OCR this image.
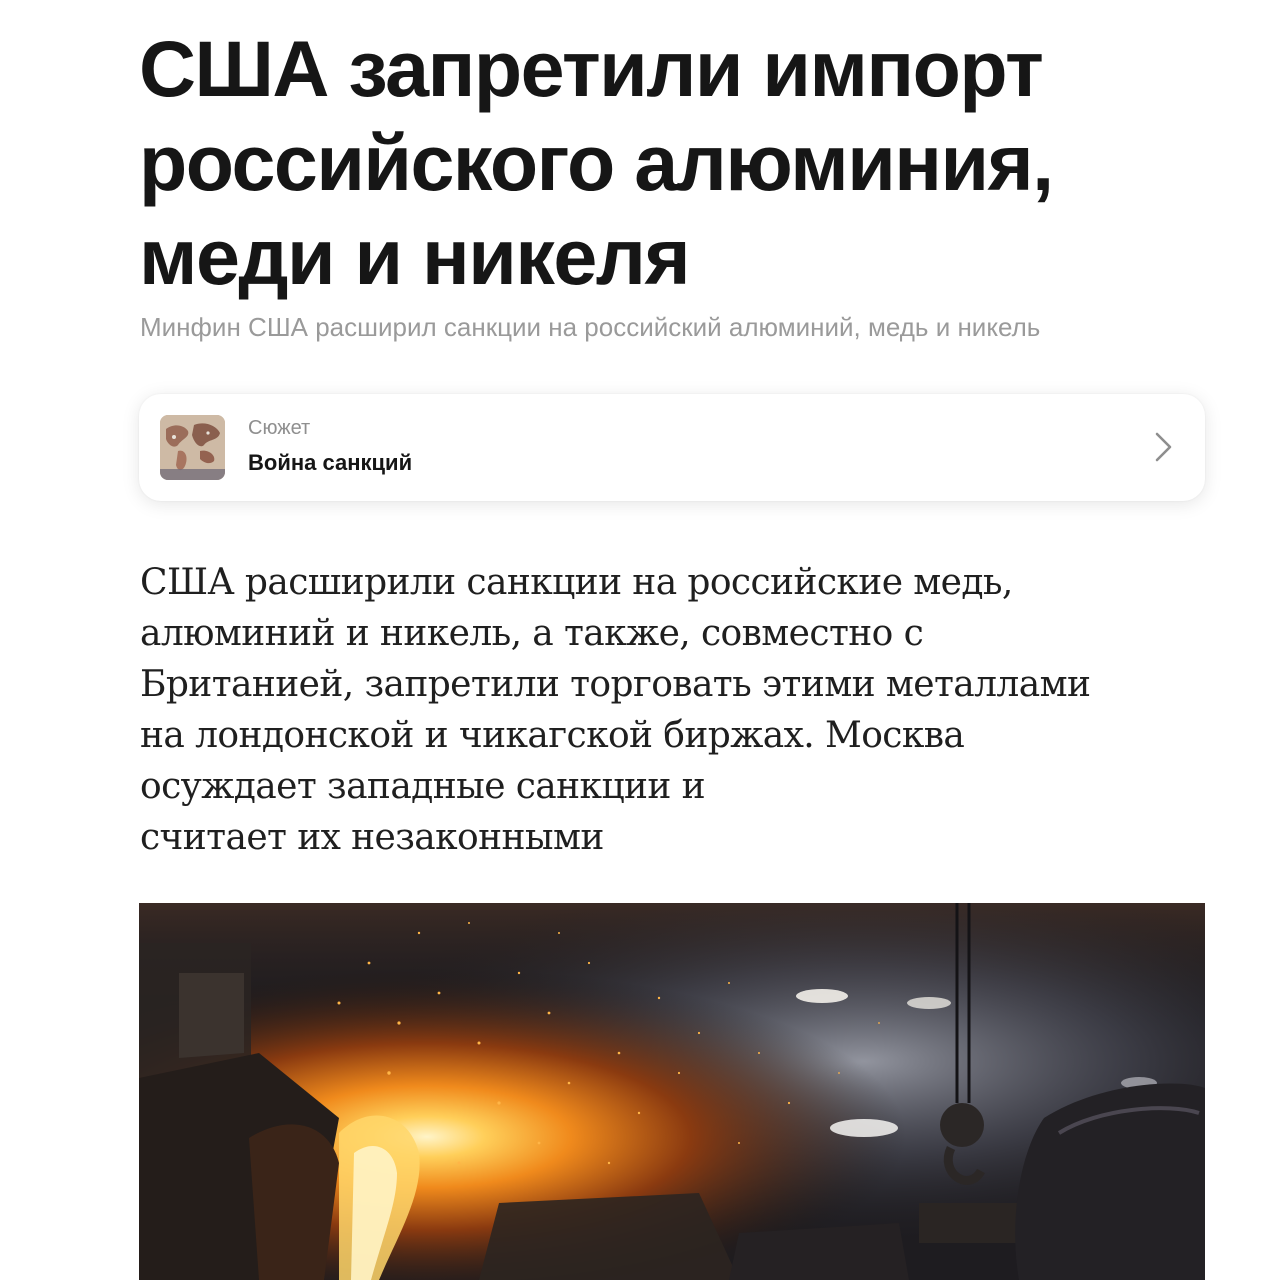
США запретили импорт российского алюминия, меди и никеля

Минфин США расширил санкции на российский алюминий, медь и никель

Сюжет
Война санкций

США расширили санкции на российские медь,
алюминий и никель, а также, совместно с
Британией, запретили торговать этими металлами
на лондонской и чикагской биржах. Москва
осуждает западные санкции и
считает их незаконными
